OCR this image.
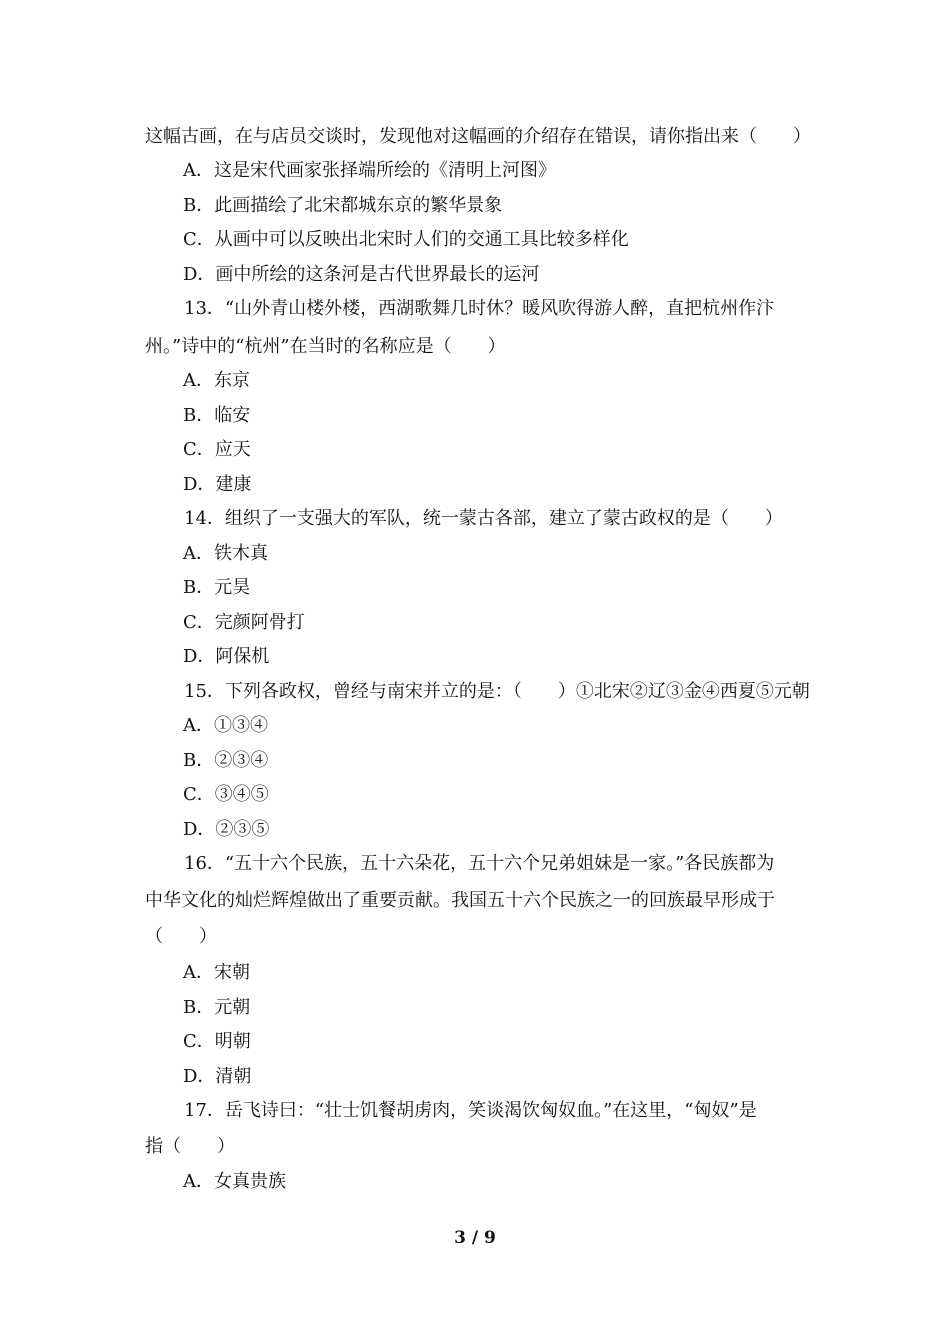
这幅古画，在与店员交谈时，发现他对这幅画的介绍存在错误，请你指出来（　　）
A．这是宋代画家张择端所绘的《清明上河图》
B．此画描绘了北宋都城东京的繁华景象
C．从画中可以反映出北宋时人们的交通工具比较多样化
D．画中所绘的这条河是古代世界最长的运河
13．“山外青山楼外楼，西湖歌舞几时休？暖风吹得游人醉，直把杭州作汴
州。”诗中的“杭州”在当时的名称应是（　　）
A．东京
B．临安
C．应天
D．建康
14．组织了一支强大的军队，统一蒙古各部，建立了蒙古政权的是（　　）
A．铁木真
B．元昊
C．完颜阿骨打
D．阿保机
15．下列各政权，曾经与南宋并立的是：（　　）①北宋②辽③金④西夏⑤元朝
A．①③④
B．②③④
C．③④⑤
D．②③⑤
16．“五十六个民族，五十六朵花，五十六个兄弟姐妹是一家。”各民族都为
中华文化的灿烂辉煌做出了重要贡献。我国五十六个民族之一的回族最早形成于
（　　）
A．宋朝
B．元朝
C．明朝
D．清朝
17．岳飞诗曰：“壮士饥餐胡虏肉，笑谈渴饮匈奴血。”在这里，“匈奴”是
指（　　）
A．女真贵族
3 / 9
